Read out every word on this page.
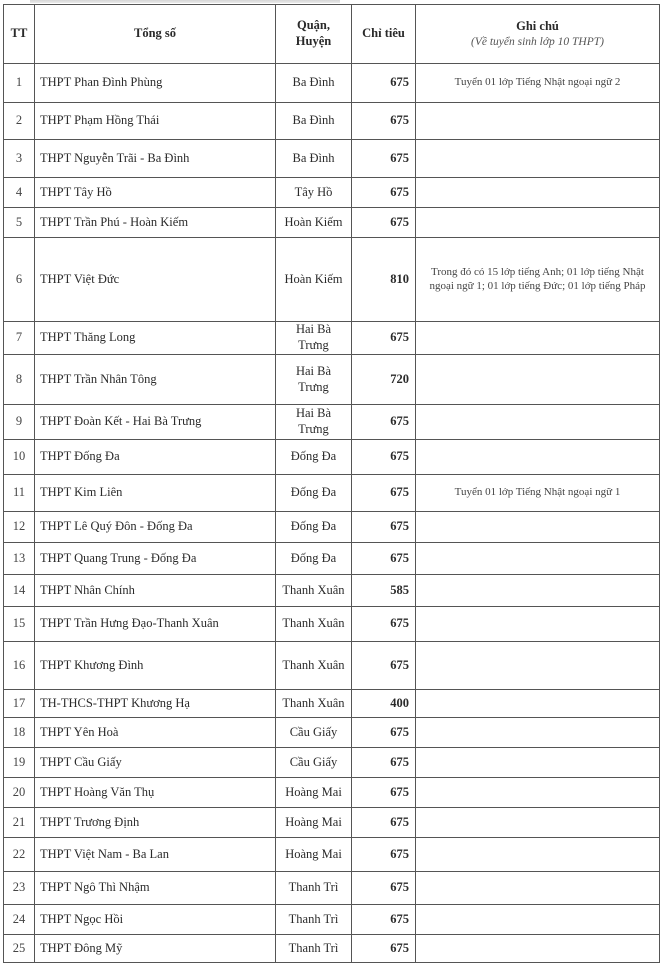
TT	Tổng số	Quận, Huyện	Chỉ tiêu	Ghi chú
(Về tuyển sinh lớp 10 THPT)

1	THPT Phan Đình Phùng	Ba Đình	675	Tuyển 01 lớp Tiếng Nhật ngoại ngữ 2
2	THPT Phạm Hồng Thái	Ba Đình	675	
3	THPT Nguyễn Trãi - Ba Đình	Ba Đình	675	
4	THPT Tây Hồ	Tây Hồ	675	
5	THPT Trần Phú - Hoàn Kiếm	Hoàn Kiếm	675	
6	THPT Việt Đức	Hoàn Kiếm	810	Trong đó có 15 lớp tiếng Anh; 01 lớp tiếng Nhật ngoại ngữ 1; 01 lớp tiếng Đức; 01 lớp tiếng Pháp
7	THPT Thăng Long	Hai Bà Trưng	675	
8	THPT Trần Nhân Tông	Hai Bà Trưng	720	
9	THPT Đoàn Kết - Hai Bà Trưng	Hai Bà Trưng	675	
10	THPT Đống Đa	Đống Đa	675	
11	THPT Kim Liên	Đống Đa	675	Tuyển 01 lớp Tiếng Nhật ngoại ngữ 1
12	THPT Lê Quý Đôn - Đống Đa	Đống Đa	675	
13	THPT Quang Trung - Đống Đa	Đống Đa	675	
14	THPT Nhân Chính	Thanh Xuân	585	
15	THPT Trần Hưng Đạo-Thanh Xuân	Thanh Xuân	675	
16	THPT Khương Đình	Thanh Xuân	675	
17	TH-THCS-THPT Khương Hạ	Thanh Xuân	400	
18	THPT Yên Hoà	Cầu Giấy	675	
19	THPT Cầu Giấy	Cầu Giấy	675	
20	THPT Hoàng Văn Thụ	Hoàng Mai	675	
21	THPT Trương Định	Hoàng Mai	675	
22	THPT Việt Nam - Ba Lan	Hoàng Mai	675	
23	THPT Ngô Thì Nhậm	Thanh Trì	675	
24	THPT Ngọc Hồi	Thanh Trì	675	
25	THPT Đông Mỹ	Thanh Trì	675	
